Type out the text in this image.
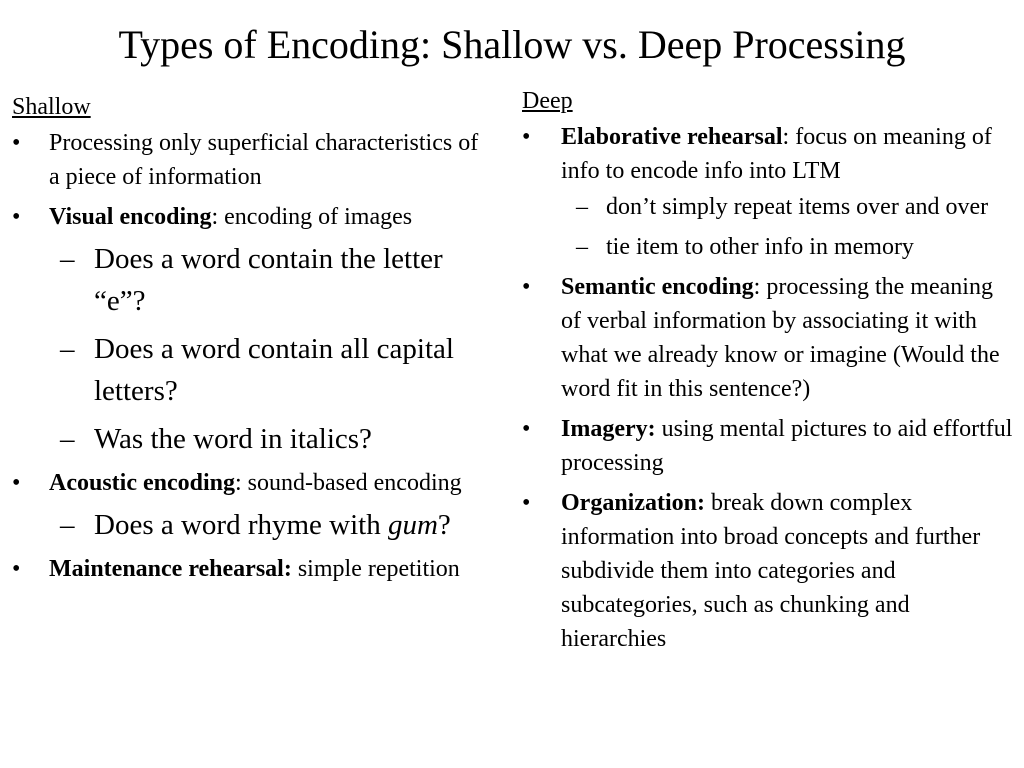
Types of Encoding: Shallow vs. Deep Processing
Shallow
• Processing only superficial characteristics of a piece of information
• Visual encoding: encoding of images
– Does a word contain the letter “e”?
– Does a word contain all capital letters?
– Was the word in italics?
• Acoustic encoding: sound-based encoding
– Does a word rhyme with gum?
• Maintenance rehearsal: simple repetition
Deep
• Elaborative rehearsal: focus on meaning of info to encode info into LTM
– don’t simply repeat items over and over
– tie item to other info in memory
• Semantic encoding: processing the meaning of verbal information by associating it with what we already know or imagine (Would the word fit in this sentence?)
• Imagery: using mental pictures to aid effortful processing
• Organization: break down complex information into broad concepts and further subdivide them into categories and subcategories, such as chunking and hierarchies
